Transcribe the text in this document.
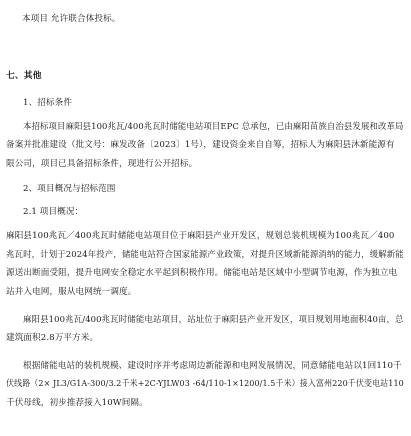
本项目 允许联合体投标。
七、其他
1、招标条件
本招标项目麻阳县100兆瓦/400兆瓦时储能电站项目EPC 总承包，已由麻阳苗族自治县发展和改革局
备案并批准建设（批文号：麻发改备〔2023〕1号），建设资金来自自筹，招标人为麻阳县沐新能源有
限公司，项目已具备招标条件，现进行公开招标。
2、项目概况与招标范围
2.1 项目概况：
麻阳县100兆瓦／400兆瓦时储能电站项目位于麻阳县产业开发区，规划总装机规模为100兆瓦／400
兆瓦时，计划于2024年投产，储能电站符合国家能源产业政策，对提升区域新能源消纳的能力，缓解新能
源送出断面受阻，提升电网安全稳定水平起到积极作用。储能电站是区域中小型调节电源，作为独立电
站并入电网，服从电网统一调度。
麻阳县100兆瓦/400兆瓦时储能电站项目，站址位于麻阳县产业开发区，项目规划用地面积40亩，总
建筑面积2.8万平方米。
根据储能电站的装机规模、建设时序并考虑周边新能源和电网发展情况，同意储能电站以1回110千
伏线路（2× JL3/G1A-300/3.2千米+2C-YJLW03 -64/110-1×1200/1.5千米）接入富州220千伏变电站110
千伏母线，初步推荐接入10W间隔。
